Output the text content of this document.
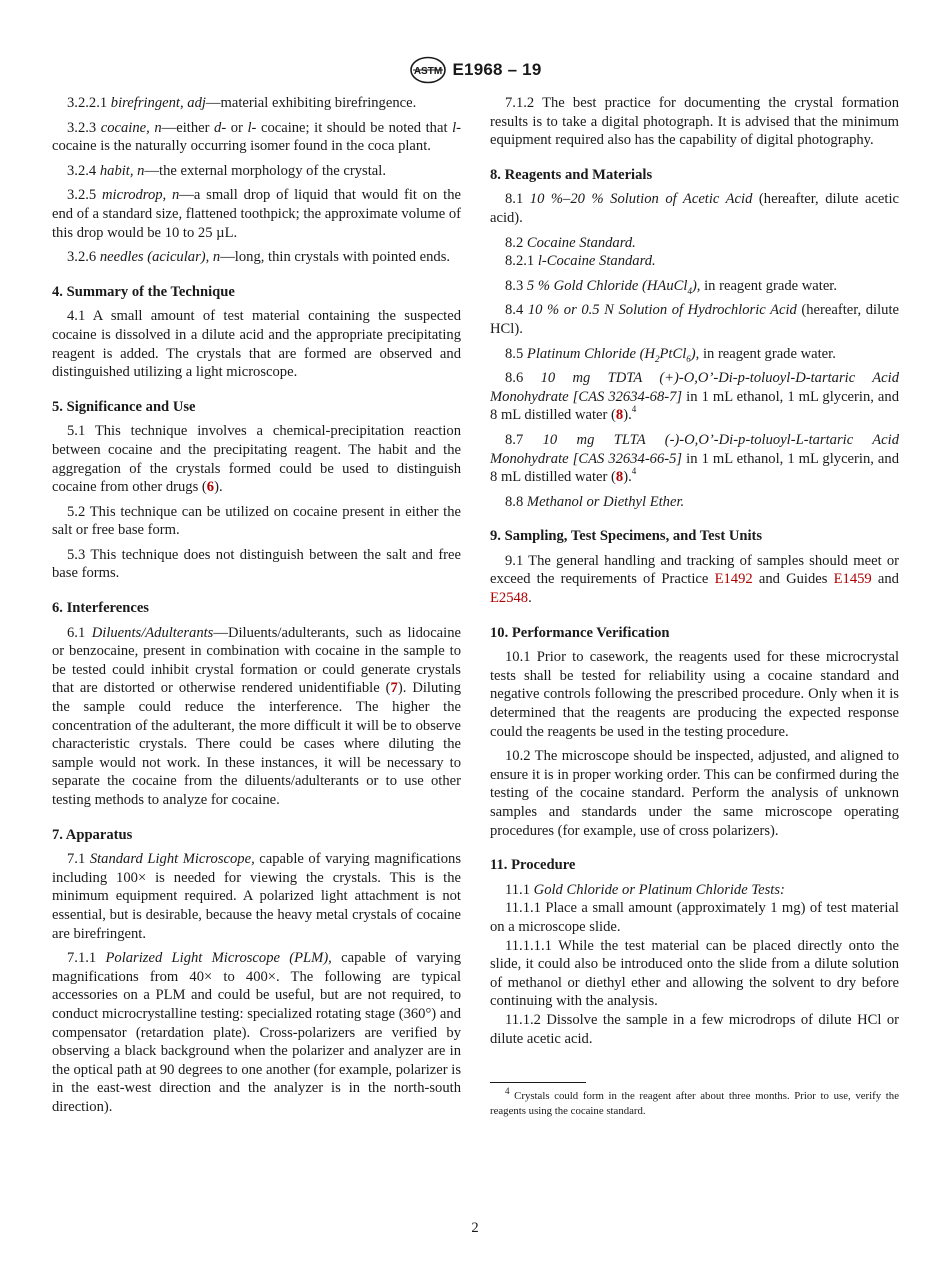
ASTM E1968 – 19

3.2.2.1 birefringent, adj—material exhibiting birefringence.

3.2.3 cocaine, n—either d- or l- cocaine; it should be noted that l-cocaine is the naturally occurring isomer found in the coca plant.

3.2.4 habit, n—the external morphology of the crystal.

3.2.5 microdrop, n—a small drop of liquid that would fit on the end of a standard size, flattened toothpick; the approximate volume of this drop would be 10 to 25 µL.

3.2.6 needles (acicular), n—long, thin crystals with pointed ends.

4. Summary of the Technique

4.1 A small amount of test material containing the suspected cocaine is dissolved in a dilute acid and the appropriate precipitating reagent is added. The crystals that are formed are observed and distinguished utilizing a light microscope.

5. Significance and Use

5.1 This technique involves a chemical-precipitation reaction between cocaine and the precipitating reagent. The habit and the aggregation of the crystals formed could be used to distinguish cocaine from other drugs (6).

5.2 This technique can be utilized on cocaine present in either the salt or free base form.

5.3 This technique does not distinguish between the salt and free base forms.

6. Interferences

6.1 Diluents/Adulterants—Diluents/adulterants, such as lidocaine or benzocaine, present in combination with cocaine in the sample to be tested could inhibit crystal formation or could generate crystals that are distorted or otherwise rendered unidentifiable (7). Diluting the sample could reduce the interference. The higher the concentration of the adulterant, the more difficult it will be to observe characteristic crystals. There could be cases where diluting the sample would not work. In these instances, it will be necessary to separate the cocaine from the diluents/adulterants or to use other testing methods to analyze for cocaine.

7. Apparatus

7.1 Standard Light Microscope, capable of varying magnifications including 100× is needed for viewing the crystals. This is the minimum equipment required. A polarized light attachment is not essential, but is desirable, because the heavy metal crystals of cocaine are birefringent.

7.1.1 Polarized Light Microscope (PLM), capable of varying magnifications from 40× to 400×. The following are typical accessories on a PLM and could be useful, but are not required, to conduct microcrystalline testing: specialized rotating stage (360°) and compensator (retardation plate). Cross-polarizers are verified by observing a black background when the polarizer and analyzer are in the optical path at 90 degrees to one another (for example, polarizer is in the east-west direction and the analyzer is in the north-south direction).

7.1.2 The best practice for documenting the crystal formation results is to take a digital photograph. It is advised that the minimum equipment required also has the capability of digital photography.

8. Reagents and Materials

8.1 10 %–20 % Solution of Acetic Acid (hereafter, dilute acetic acid).

8.2 Cocaine Standard.

8.2.1 l-Cocaine Standard.

8.3 5 % Gold Chloride (HAuCl$_4$), in reagent grade water.

8.4 10 % or 0.5 N Solution of Hydrochloric Acid (hereafter, dilute HCl).

8.5 Platinum Chloride $(H_2PtCl_6)$, in reagent grade water.

8.6 10 mg TDTA (+)-O,O’-Di-p-toluoyl-D-tartaric Acid Monohydrate [CAS 32634-68-7] in 1 mL ethanol, 1 mL glycerin, and 8 mL distilled water (8).$^4$

8.7 10 mg TLTA (-)-O,O’-Di-p-toluoyl-L-tartaric Acid Monohydrate [CAS 32634-66-5] in 1 mL ethanol, 1 mL glycerin, and 8 mL distilled water (8).$^4$

8.8 Methanol or Diethyl Ether.

9. Sampling, Test Specimens, and Test Units

9.1 The general handling and tracking of samples should meet or exceed the requirements of Practice E1492 and Guides E1459 and E2548.

10. Performance Verification

10.1 Prior to casework, the reagents used for these microcrystal tests shall be tested for reliability using a cocaine standard and negative controls following the prescribed procedure. Only when it is determined that the reagents are producing the expected response could the reagents be used in the testing procedure.

10.2 The microscope should be inspected, adjusted, and aligned to ensure it is in proper working order. This can be confirmed during the testing of the cocaine standard. Perform the analysis of unknown samples and standards under the same microscope operating procedures (for example, use of cross polarizers).

11. Procedure

11.1 Gold Chloride or Platinum Chloride Tests:

11.1.1 Place a small amount (approximately 1 mg) of test material on a microscope slide.

11.1.1.1 While the test material can be placed directly onto the slide, it could also be introduced onto the slide from a dilute solution of methanol or diethyl ether and allowing the solvent to dry before continuing with the analysis.

11.1.2 Dissolve the sample in a few microdrops of dilute HCl or dilute acetic acid.

$^4$ Crystals could form in the reagent after about three months. Prior to use, verify the reagents using the cocaine standard.

2
